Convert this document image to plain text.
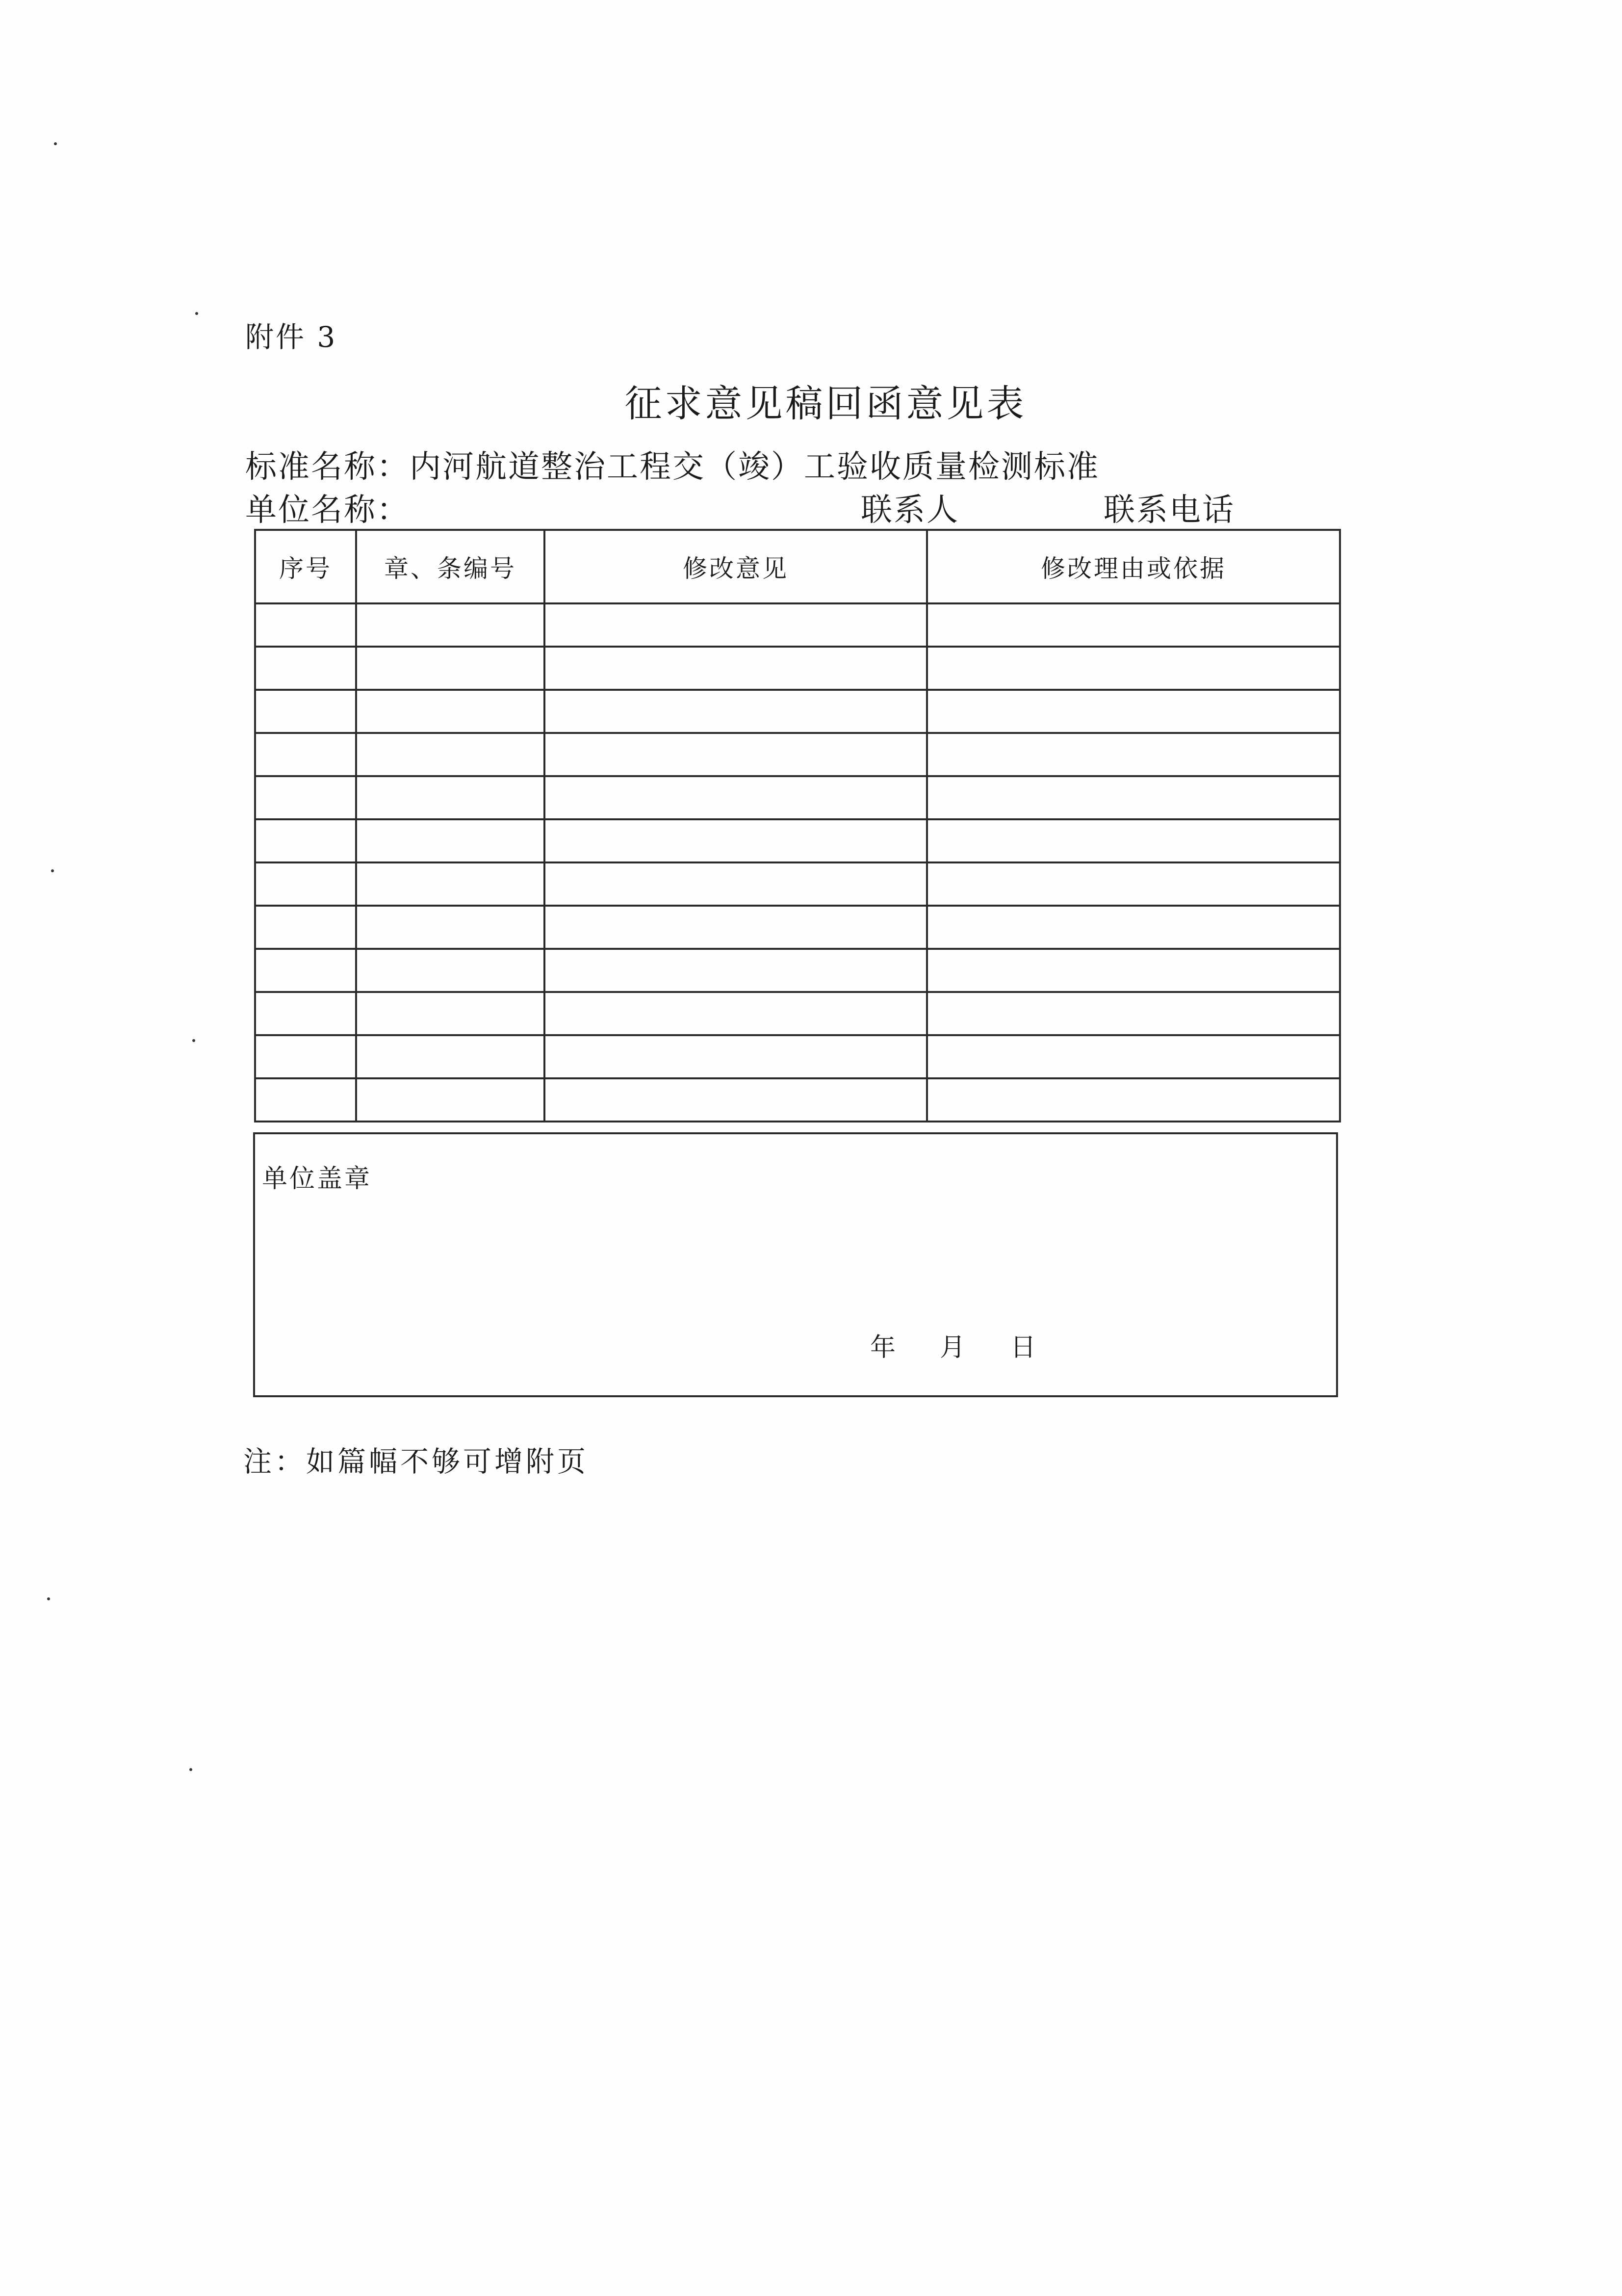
附件 3
征求意见稿回函意见表
标准名称：内河航道整治工程交（竣）工验收质量检测标准
单位名称：	联系人	联系电话
序号	章、条编号	修改意见	修改理由或依据

单位盖章
年 月 日
注：如篇幅不够可增附页
